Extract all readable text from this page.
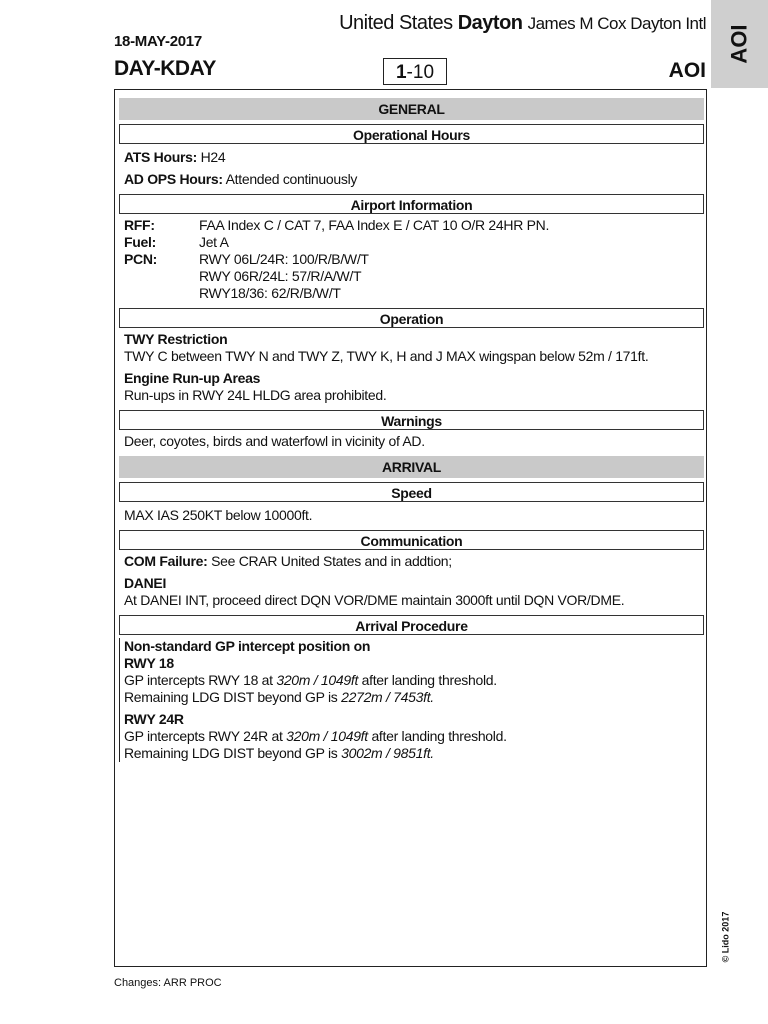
18-MAY-2017
DAY-KDAY
United States Dayton James M Cox Dayton Intl
1-10	AOI
AOI
GENERAL
Operational Hours
ATS Hours: H24
AD OPS Hours: Attended continuously
Airport Information
RFF:	FAA Index C / CAT 7, FAA Index E / CAT 10 O/R 24HR PN.
Fuel:	Jet A
PCN:	RWY 06L/24R: 100/R/B/W/T
RWY 06R/24L: 57/R/A/W/T
RWY18/36: 62/R/B/W/T
Operation
TWY Restriction
TWY C between TWY N and TWY Z, TWY K, H and J MAX wingspan below 52m / 171ft.
Engine Run-up Areas
Run-ups in RWY 24L HLDG area prohibited.
Warnings
Deer, coyotes, birds and waterfowl in vicinity of AD.
ARRIVAL
Speed
MAX IAS 250KT below 10000ft.
Communication
COM Failure: See CRAR United States and in addtion;
DANEI
At DANEI INT, proceed direct DQN VOR/DME maintain 3000ft until DQN VOR/DME.
Arrival Procedure
Non-standard GP intercept position on
RWY 18
GP intercepts RWY 18 at 320m / 1049ft after landing threshold.
Remaining LDG DIST beyond GP is 2272m / 7453ft.
RWY 24R
GP intercepts RWY 24R at 320m / 1049ft after landing threshold.
Remaining LDG DIST beyond GP is 3002m / 9851ft.
© Lido 2017
Changes: ARR PROC
